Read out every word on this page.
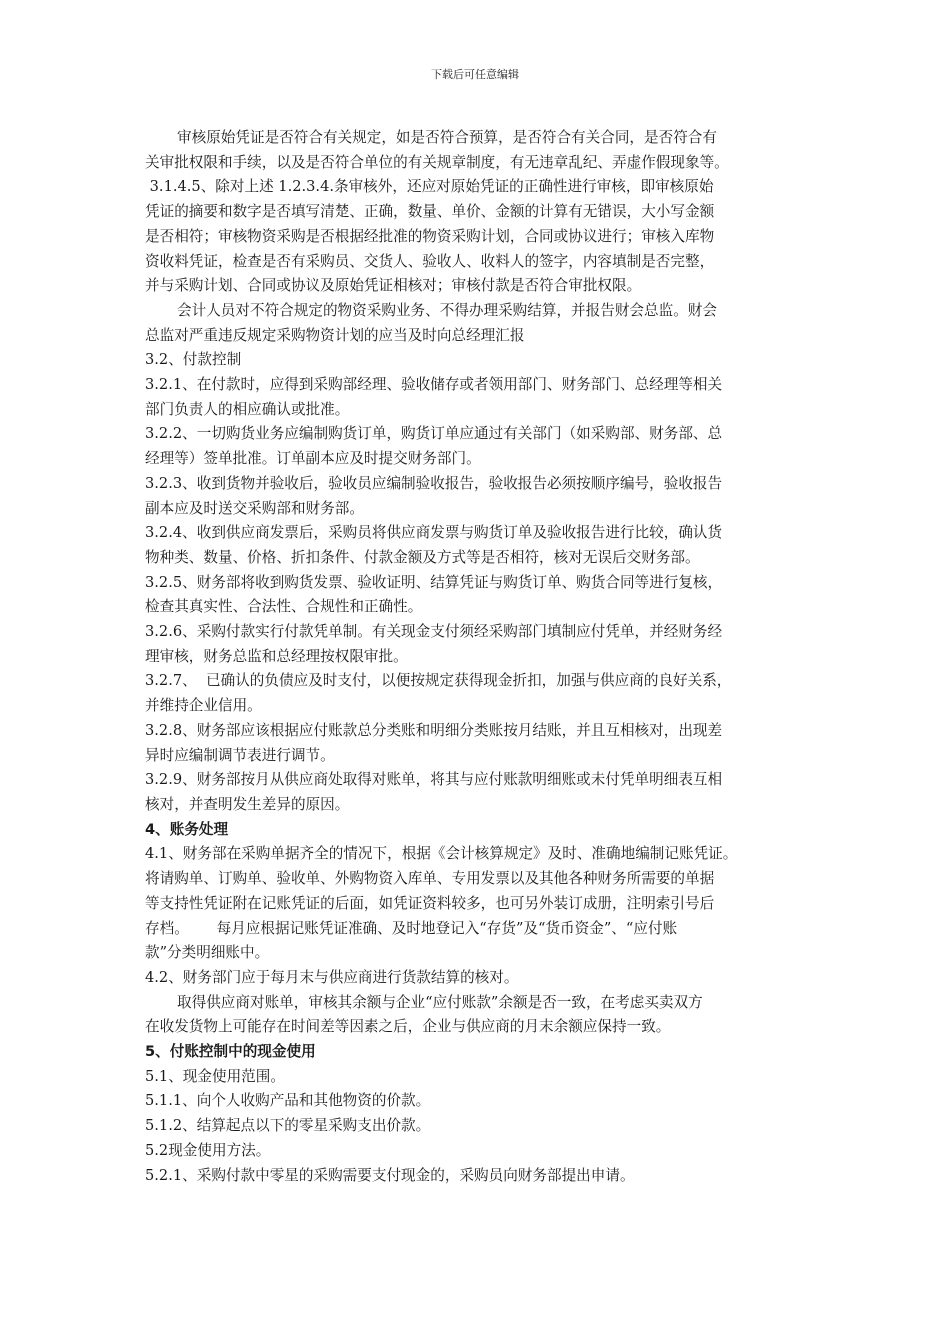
下载后可任意编辑

审核原始凭证是否符合有关规定，如是否符合预算，是否符合有关合同，是否符合有

关审批权限和手续，以及是否符合单位的有关规章制度，有无违章乱纪、弄虚作假现象等。

3.1.4.5、除对上述 1.2.3.4.条审核外，还应对原始凭证的正确性进行审核，即审核原始

凭证的摘要和数字是否填写清楚、正确，数量、单价、金额的计算有无错误，大小写金额

是否相符；审核物资采购是否根据经批准的物资采购计划，合同或协议进行；审核入库物

资收料凭证，检查是否有采购员、交货人、验收人、收料人的签字，内容填制是否完整，

并与采购计划、合同或协议及原始凭证相核对；审核付款是否符合审批权限。

会计人员对不符合规定的物资采购业务、不得办理采购结算，并报告财会总监。财会

总监对严重违反规定采购物资计划的应当及时向总经理汇报

3.2、付款控制

3.2.1、在付款时，应得到采购部经理、验收储存或者领用部门、财务部门、总经理等相关

部门负责人的相应确认或批准。

3.2.2、一切购货业务应编制购货订单，购货订单应通过有关部门（如采购部、财务部、总

经理等）签单批准。订单副本应及时提交财务部门。

3.2.3、收到货物并验收后，验收员应编制验收报告，验收报告必须按顺序编号，验收报告

副本应及时送交采购部和财务部。

3.2.4、收到供应商发票后，采购员将供应商发票与购货订单及验收报告进行比较，确认货

物种类、数量、价格、折扣条件、付款金额及方式等是否相符，核对无误后交财务部。

3.2.5、财务部将收到购货发票、验收证明、结算凭证与购货订单、购货合同等进行复核，

检查其真实性、合法性、合规性和正确性。

3.2.6、采购付款实行付款凭单制。有关现金支付须经采购部门填制应付凭单，并经财务经

理审核，财务总监和总经理按权限审批。

3.2.7、  已确认的负债应及时支付，以便按规定获得现金折扣，加强与供应商的良好关系，

并维持企业信用。

3.2.8、财务部应该根据应付账款总分类账和明细分类账按月结账，并且互相核对，出现差

异时应编制调节表进行调节。

3.2.9、财务部按月从供应商处取得对账单，将其与应付账款明细账或未付凭单明细表互相

核对，并查明发生差异的原因。

4、账务处理

4.1、财务部在采购单据齐全的情况下，根据《会计核算规定》及时、准确地编制记账凭证。

将请购单、订购单、验收单、外购物资入库单、专用发票以及其他各种财务所需要的单据

等支持性凭证附在记账凭证的后面，如凭证资料较多，也可另外装订成册，注明索引号后

存档。      每月应根据记账凭证准确、及时地登记入“存货”及“货币资金”、“应付账

款”分类明细账中。

4.2、财务部门应于每月末与供应商进行货款结算的核对。

取得供应商对账单，审核其余额与企业“应付账款”余额是否一致，在考虑买卖双方

在收发货物上可能存在时间差等因素之后，企业与供应商的月末余额应保持一致。

5、付账控制中的现金使用

5.1、现金使用范围。

5.1.1、向个人收购产品和其他物资的价款。

5.1.2、结算起点以下的零星采购支出价款。

5.2现金使用方法。

5.2.1、采购付款中零星的采购需要支付现金的，采购员向财务部提出申请。
